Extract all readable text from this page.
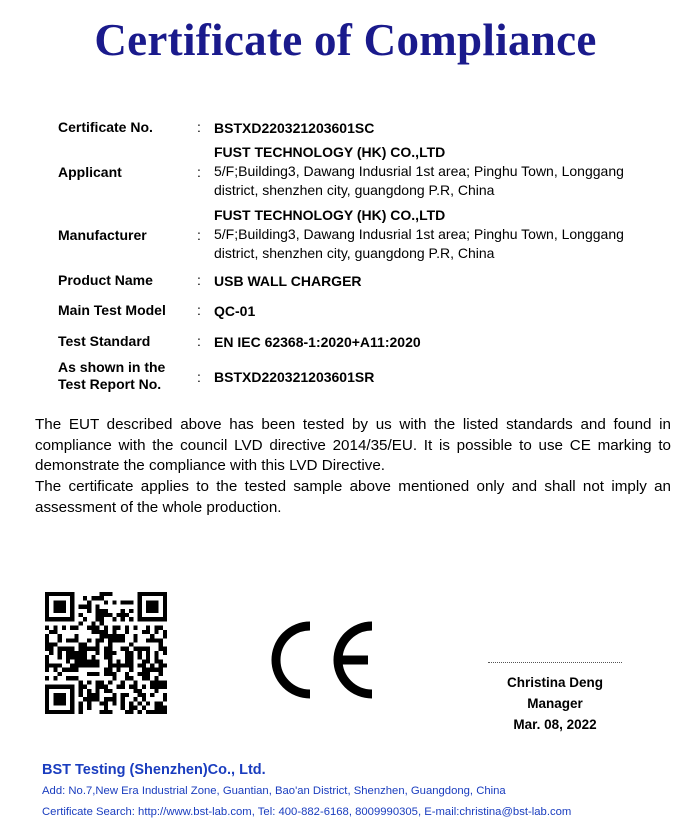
Certificate of Compliance
Certificate No.	: BSTXD220321203601SC
Applicant	:
FUST TECHNOLOGY (HK) CO.,LTD
5/F;Building3, Dawang Indusrial 1st area; Pinghu Town, Longgang
district, shenzhen city, guangdong P.R, China
Manufacturer	:
FUST TECHNOLOGY (HK) CO.,LTD
5/F;Building3, Dawang Indusrial 1st area; Pinghu Town, Longgang
district, shenzhen city, guangdong P.R, China
Product Name	: USB WALL CHARGER
Main Test Model : QC-01
Test Standard	: EN IEC 62368-1:2020+A11:2020
As shown in the
Test Report No.	: BSTXD220321203601SR
The EUT described above has been tested by us with the listed standards and found in compliance with the council LVD directive 2014/35/EU. It is possible to use CE marking to demonstrate the compliance with this LVD Directive.
The certificate applies to the tested sample above mentioned only and shall not imply an assessment of the whole production.
Christina Deng
Manager
Mar. 08, 2022
BST Testing (Shenzhen)Co., Ltd.
Add: No.7,New Era Industrial Zone, Guantian, Bao'an District, Shenzhen, Guangdong, China
Certificate Search: http://www.bst-lab.com, Tel: 400-882-6168, 8009990305, E-mail:christina@bst-lab.com
